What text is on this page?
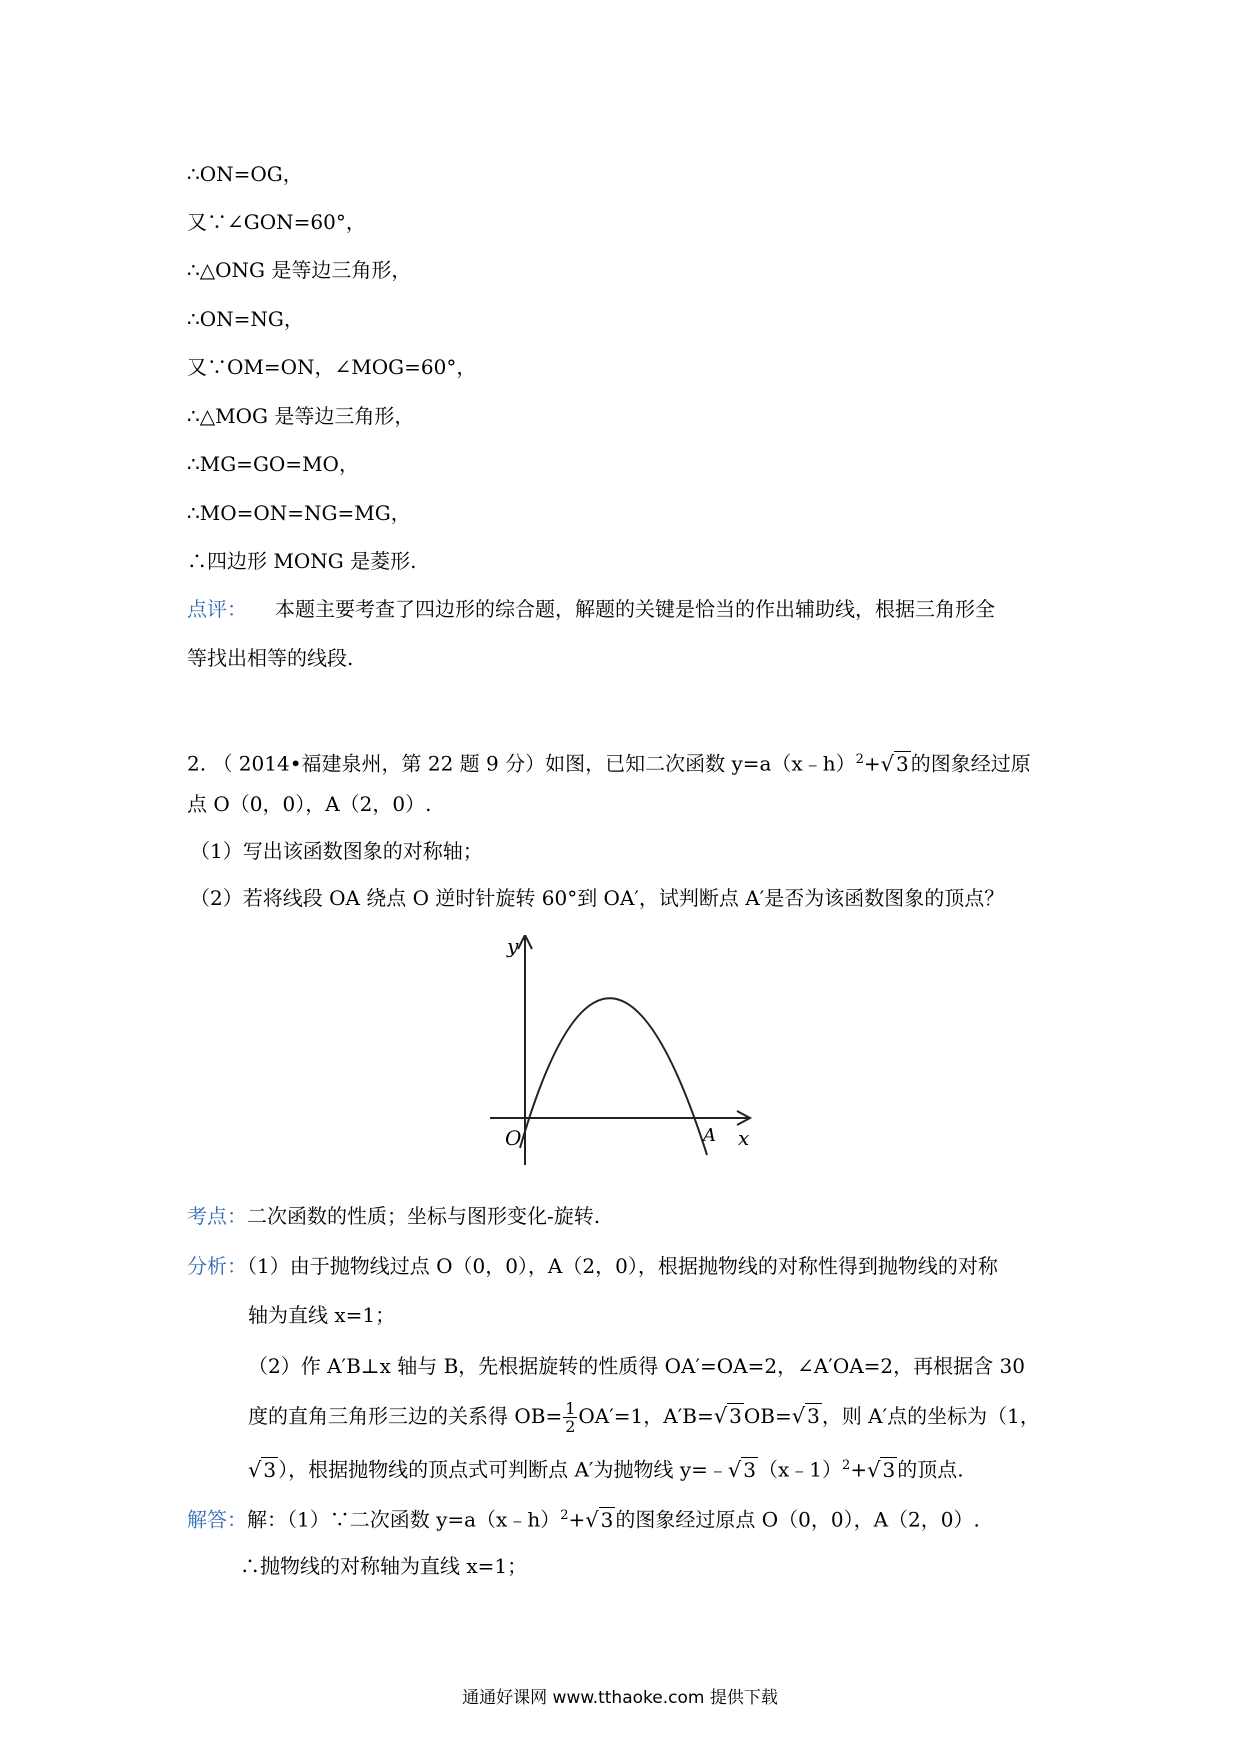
∴ON=OG，
又∵∠GON=60°，
∴△ONG 是等边三角形，
∴ON=NG，
又∵OM=ON，∠MOG=60°，
∴△MOG 是等边三角形，
∴MG=GO=MO，
∴MO=ON=NG=MG，
∴四边形 MONG 是菱形.
点评： 本题主要考查了四边形的综合题，解题的关键是恰当的作出辅助线，根据三角形全
等找出相等的线段.
2. （ 2014•福建泉州，第 22 题 9 分）如图，已知二次函数 y=a（x﹣h）$^2$+√ 3 的图象经过原
点 O（0，0），A（2，0）.
（1）写出该函数图象的对称轴；
（2）若将线段 OA 绕点 O 逆时针旋转 60°到 OA′，试判断点 A′是否为该函数图象的顶点？
y
x
O	A
考点：二次函数的性质；坐标与图形变化-旋转.
分析：（1）由于抛物线过点 O（0，0），A（2，0），根据抛物线的对称性得到抛物线的对称
轴为直线 x=1；
（2）作 A′B⊥x 轴与 B，先根据旋转的性质得 OA′=OA=2，∠A′OA=2，再根据含 30
度的直角三角形三边的关系得 $OB= \frac{1}{2} OA'=1$，A′B=√ 3 OB=√ 3 ，则 A′点的坐标为（1，
√ 3 ），根据抛物线的顶点式可判断点 A′为抛物线 y=﹣√ 3 （x﹣1）$^2$+√ 3 的顶点.
解答：解：（1）∵二次函数 y=a（x﹣h）$^2$+√ 3 的图象经过原点 O（0，0），A（2，0）.
∴抛物线的对称轴为直线 x=1；
通通好课网 www.tthaoke.com 提供下载
